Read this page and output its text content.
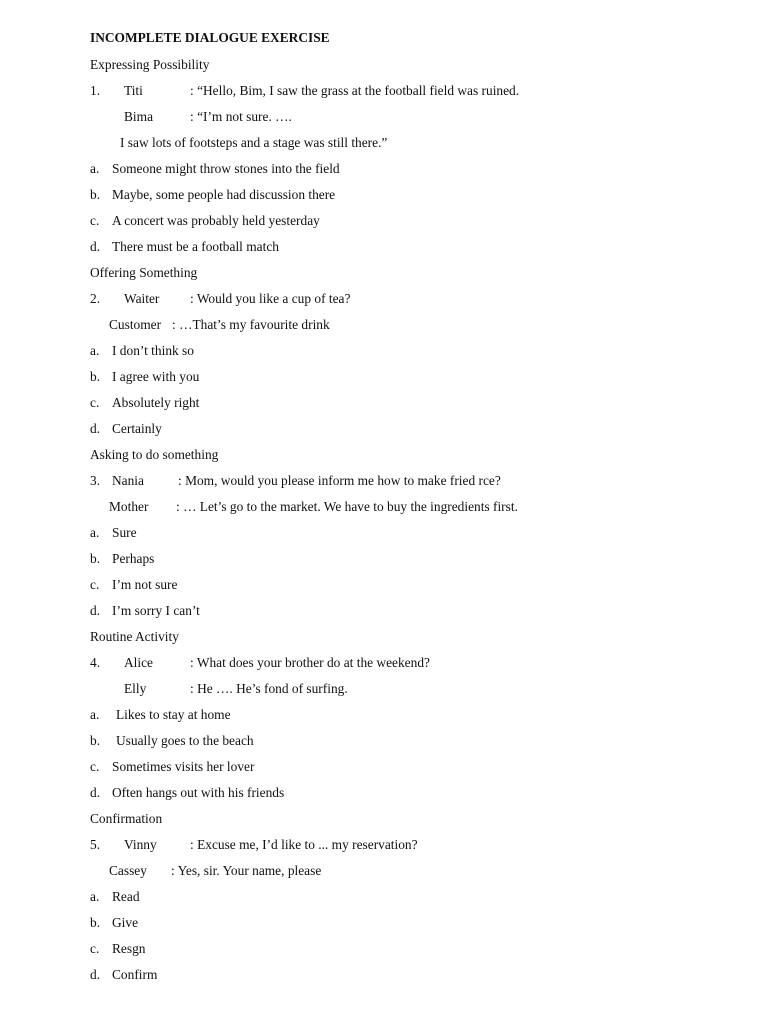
INCOMPLETE DIALOGUE EXERCISE
Expressing Possibility
1. Titi	: “Hello, Bim, I saw the grass at the football field was ruined.
Bima	: “I’m not sure. ….
I saw lots of footsteps and a stage was still there.”
a. Someone might throw stones into the field
b. Maybe, some people had discussion there
c. A concert was probably held yesterday
d. There must be a football match
Offering Something
2. Waiter : Would you like a cup of tea?
Customer : …That’s my favourite drink
a. I don’t think so
b. I agree with you
c. Absolutely right
d. Certainly
Asking to do something
3. Nania	: Mom, would you please inform me how to make fried rce?
Mother : … Let’s go to the market. We have to buy the ingredients first.
a. Sure
b. Perhaps
c. I’m not sure
d. I’m sorry I can’t
Routine Activity
4. Alice	: What does your brother do at the weekend?
Elly	: He …. He’s fond of surfing.
a. Likes to stay at home
b. Usually goes to the beach
c. Sometimes visits her lover
d. Often hangs out with his friends
Confirmation
5. Vinny : Excuse me, I’d like to ... my reservation?
Cassey : Yes, sir. Your name, please
a. Read
b. Give
c. Resgn
d. Confirm
